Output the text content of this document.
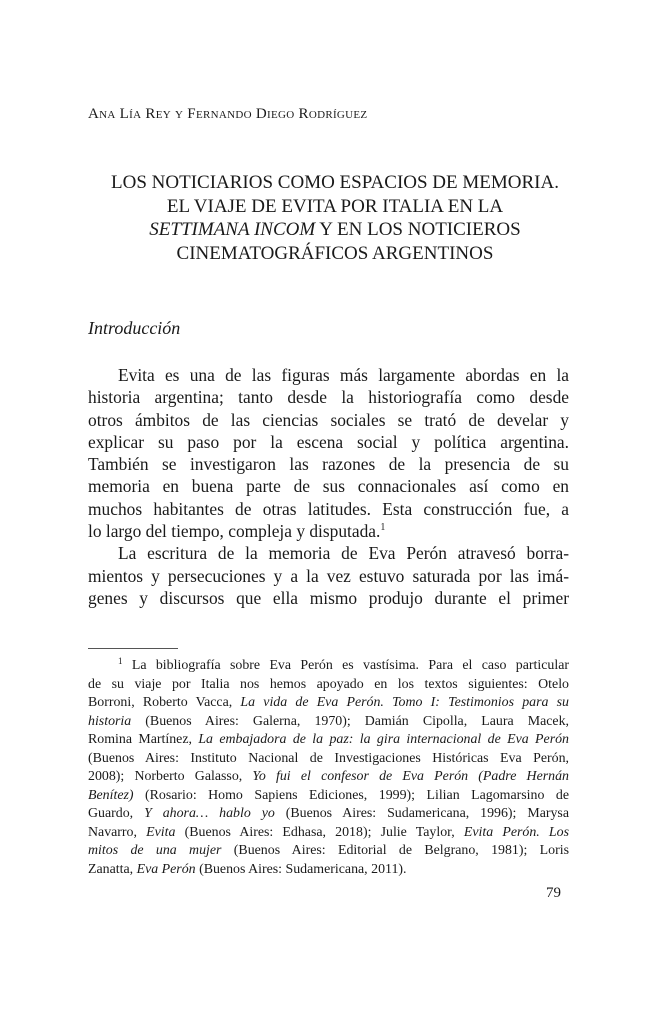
Ana Lía Rey y Fernando Diego Rodríguez
LOS NOTICIARIOS COMO ESPACIOS DE MEMORIA.
EL VIAJE DE EVITA POR ITALIA EN LA
SETTIMANA INCOM Y EN LOS NOTICIEROS
CINEMATOGRÁFICOS ARGENTINOS
Introducción
Evita es una de las figuras más largamente abordas en la
historia argentina; tanto desde la historiografía como desde
otros ámbitos de las ciencias sociales se trató de develar y
explicar su paso por la escena social y política argentina.
También se investigaron las razones de la presencia de su
memoria en buena parte de sus connacionales así como en
muchos habitantes de otras latitudes. Esta construcción fue, a
lo largo del tiempo, compleja y disputada.$^1$
La escritura de la memoria de Eva Perón atravesó borra-
mientos y persecuciones y a la vez estuvo saturada por las imá-
genes y discursos que ella mismo produjo durante el primer
$^1$ La bibliografía sobre Eva Perón es vastísima. Para el caso particular
de su viaje por Italia nos hemos apoyado en los textos siguientes: Otelo
Borroni, Roberto Vacca, La vida de Eva Perón. Tomo I: Testimonios para su
historia (Buenos Aires: Galerna, 1970); Damián Cipolla, Laura Macek,
Romina Martínez, La embajadora de la paz: la gira internacional de Eva Perón
(Buenos Aires: Instituto Nacional de Investigaciones Históricas Eva Perón,
2008); Norberto Galasso, Yo fui el confesor de Eva Perón (Padre Hernán
Benítez) (Rosario: Homo Sapiens Ediciones, 1999); Lilian Lagomarsino de
Guardo, Y ahora… hablo yo (Buenos Aires: Sudamericana, 1996); Marysa
Navarro, Evita (Buenos Aires: Edhasa, 2018); Julie Taylor, Evita Perón. Los
mitos de una mujer (Buenos Aires: Editorial de Belgrano, 1981); Loris
Zanatta, Eva Perón (Buenos Aires: Sudamericana, 2011).
79
